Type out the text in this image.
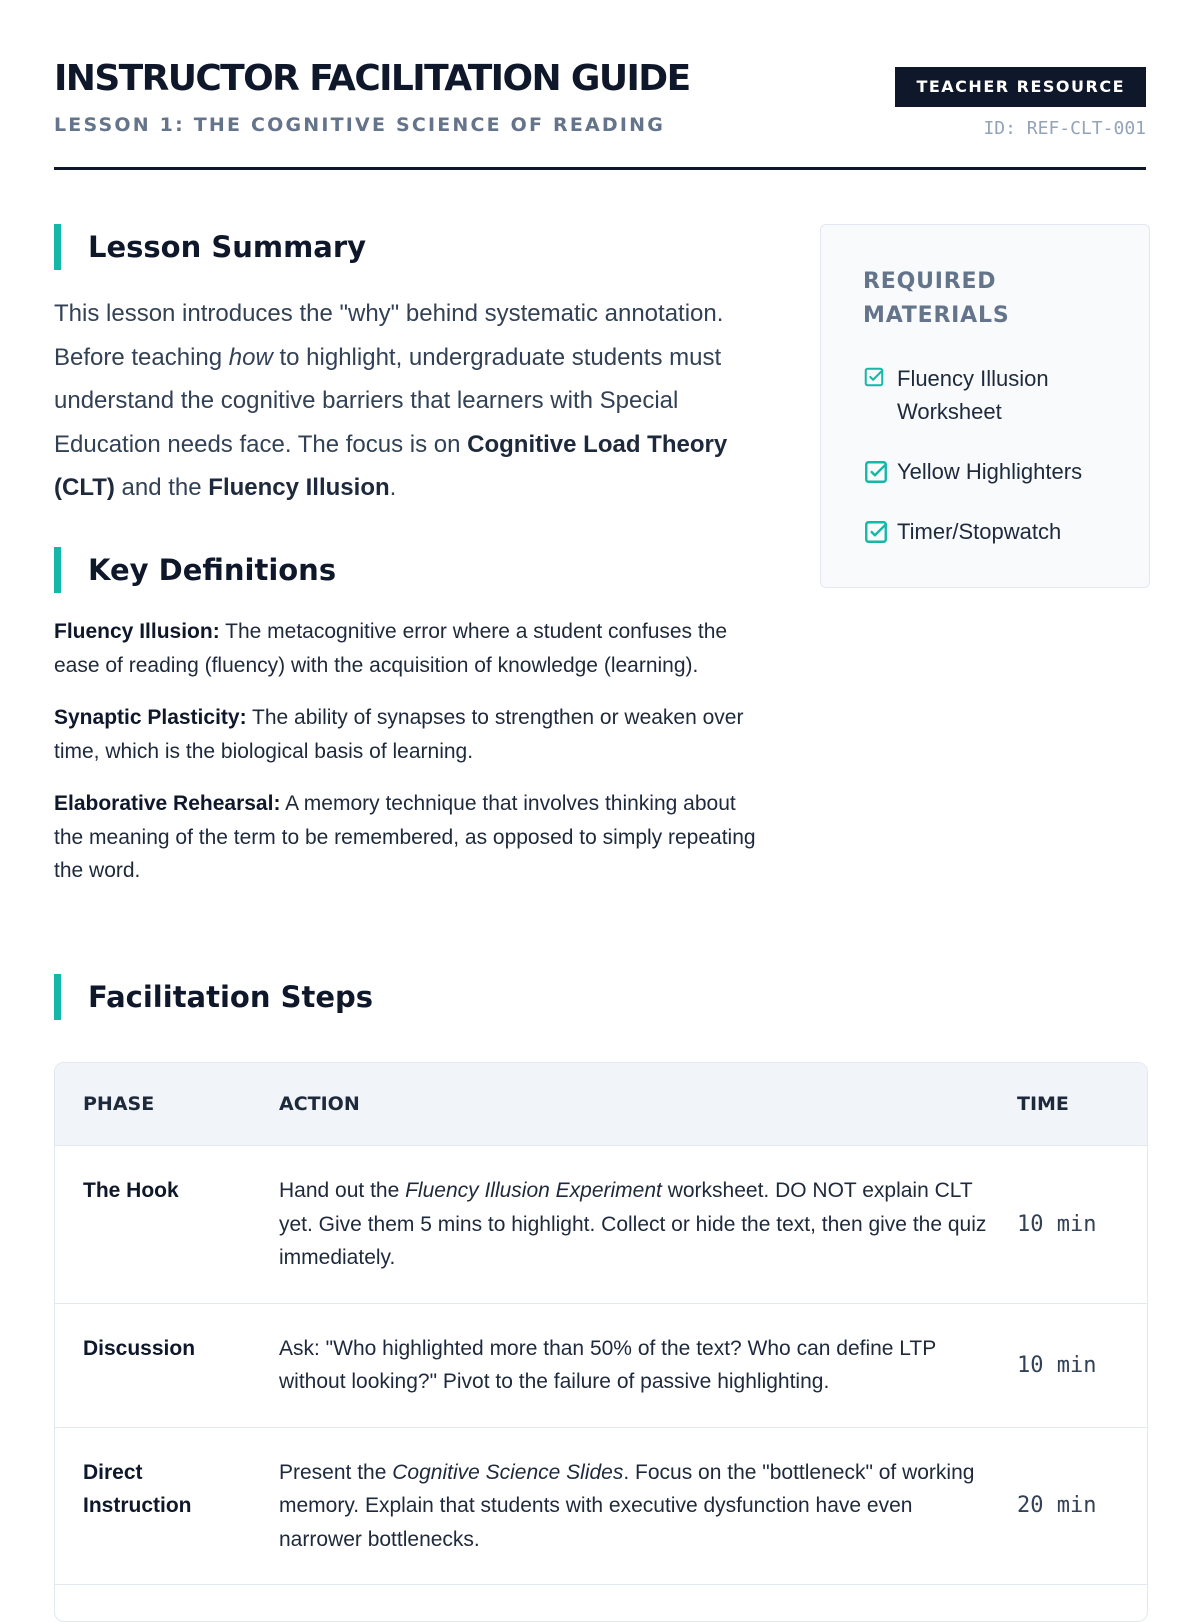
INSTRUCTOR FACILITATION GUIDE
LESSON 1: THE COGNITIVE SCIENCE OF READING
TEACHER RESOURCE
ID: REF-CLT-001
Lesson Summary

This lesson introduces the "why" behind systematic annotation. Before teaching how to highlight, undergraduate students must understand the cognitive barriers that learners with Special Education needs face. The focus is on Cognitive Load Theory (CLT) and the Fluency Illusion.

Key Definitions

Fluency Illusion: The metacognitive error where a student confuses the ease of reading (fluency) with the acquisition of knowledge (learning).

Synaptic Plasticity: The ability of synapses to strengthen or weaken over time, which is the biological basis of learning.

Elaborative Rehearsal: A memory technique that involves thinking about the meaning of the term to be remembered, as opposed to simply repeating the word.

REQUIRED MATERIALS
Fluency Illusion Worksheet
Yellow Highlighters
Timer/Stopwatch
Facilitation Steps
PHASE	ACTION	TIME
The Hook	Hand out the Fluency Illusion Experiment worksheet. DO NOT explain CLT yet. Give them 5 mins to highlight. Collect or hide the text, then give the quiz immediately.	10 min
Discussion	Ask: "Who highlighted more than 50% of the text? Who can define LTP without looking?" Pivot to the failure of passive highlighting.	10 min
Direct Instruction	Present the Cognitive Science Slides. Focus on the "bottleneck" of working memory. Explain that students with executive dysfunction have even narrower bottlenecks.	20 min
